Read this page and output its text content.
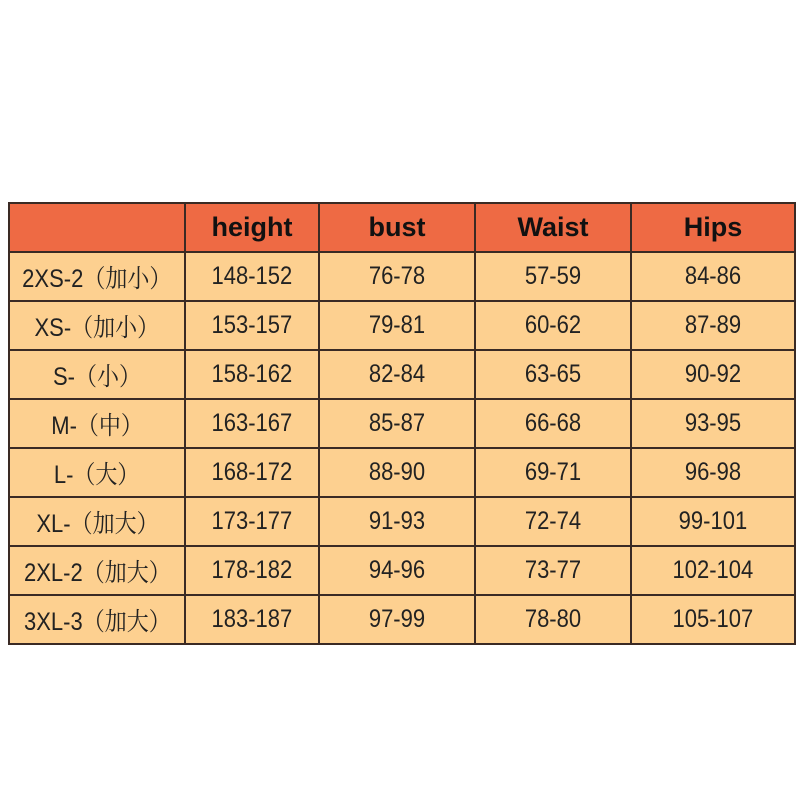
	height	bust	Waist	Hips
2XS-2（加小）	148-152	76-78	57-59	84-86
XS-（加小）	153-157	79-81	60-62	87-89
S-（小）	158-162	82-84	63-65	90-92
M-（中）	163-167	85-87	66-68	93-95
L-（大）	168-172	88-90	69-71	96-98
XL-（加大）	173-177	91-93	72-74	99-101
2XL-2（加大）	178-182	94-96	73-77	102-104
3XL-3（加大）	183-187	97-99	78-80	105-107
